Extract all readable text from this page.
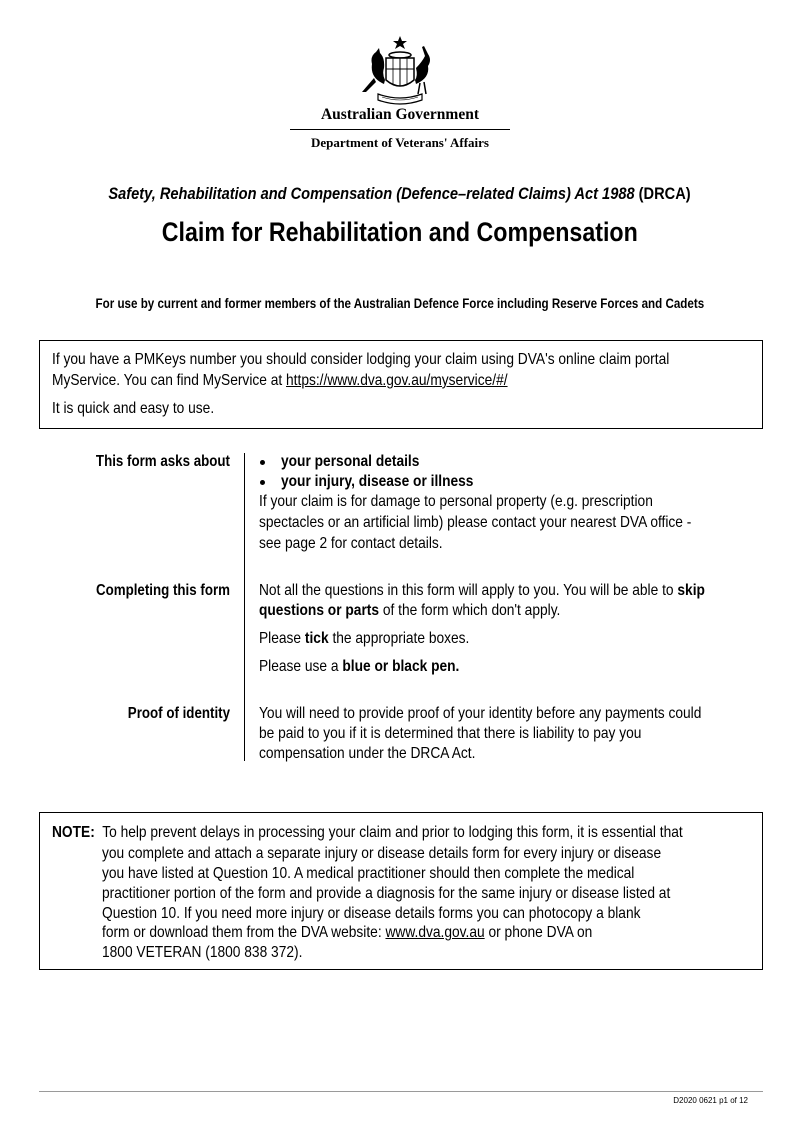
Australian Government
Department of Veterans' Affairs
Safety, Rehabilitation and Compensation (Defence–related Claims) Act 1988 (DRCA)
Claim for Rehabilitation and Compensation
For use by current and former members of the Australian Defence Force including Reserve Forces and Cadets
If you have a PMKeys number you should consider lodging your claim using DVA's online claim portal
MyService. You can find MyService at https://www.dva.gov.au/myservice/#/
It is quick and easy to use.
This form asks about
Completing this form
Proof of identity
your personal details
your injury, disease or illness
If your claim is for damage to personal property (e.g. prescription
spectacles or an artificial limb) please contact your nearest DVA office -
see page 2 for contact details.
Not all the questions in this form will apply to you. You will be able to skip
questions or parts of the form which don't apply.
Please tick the appropriate boxes.
Please use a blue or black pen.
You will need to provide proof of your identity before any payments could
be paid to you if it is determined that there is liability to pay you
compensation under the DRCA Act.
NOTE: To help prevent delays in processing your claim and prior to lodging this form, it is essential that
you complete and attach a separate injury or disease details form for every injury or disease
you have listed at Question 10. A medical practitioner should then complete the medical
practitioner portion of the form and provide a diagnosis for the same injury or disease listed at
Question 10. If you need more injury or disease details forms you can photocopy a blank
form or download them from the DVA website: www.dva.gov.au or phone DVA on
1800 VETERAN (1800 838 372).
D2020 0621 p1 of 12
